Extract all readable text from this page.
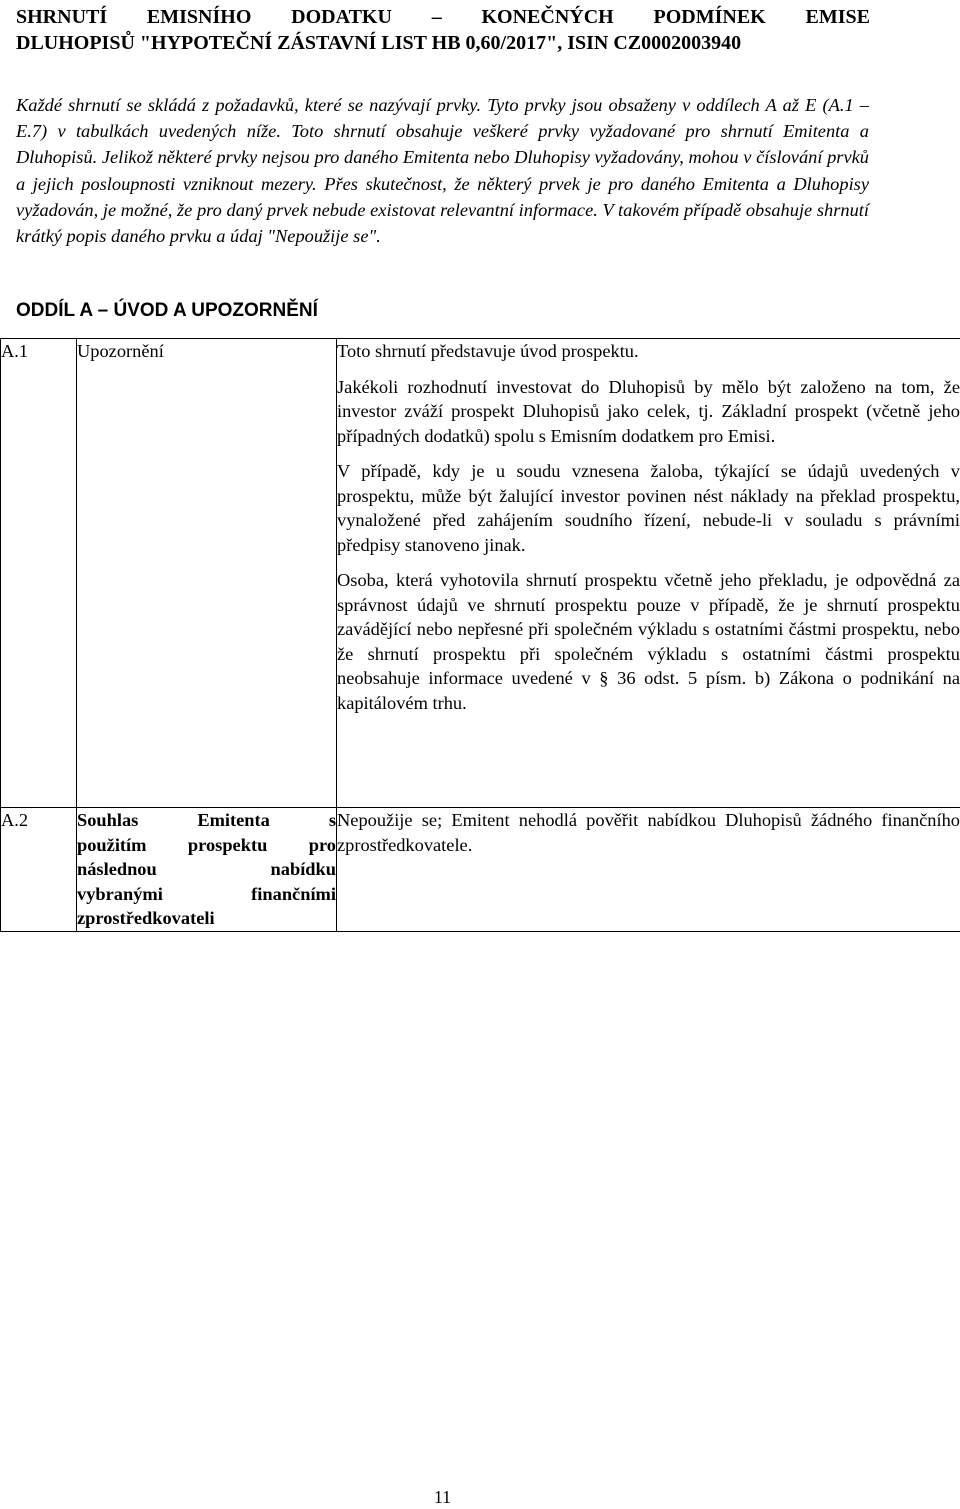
SHRNUTÍ EMISNÍHO DODATKU – KONEČNÝCH PODMÍNEK EMISE
DLUHOPISŮ "HYPOTEČNÍ ZÁSTAVNÍ LIST HB 0,60/2017", ISIN CZ0002003940

Každé shrnutí se skládá z požadavků, které se nazývají prvky. Tyto prvky jsou obsaženy v oddílech A až E (A.1 – E.7) v tabulkách uvedených níže. Toto shrnutí obsahuje veškeré prvky vyžadované pro shrnutí Emitenta a Dluhopisů. Jelikož některé prvky nejsou pro daného Emitenta nebo Dluhopisy vyžadovány, mohou v číslování prvků a jejich posloupnosti vzniknout mezery. Přes skutečnost, že některý prvek je pro daného Emitenta a Dluhopisy vyžadován, je možné, že pro daný prvek nebude existovat relevantní informace. V takovém případě obsahuje shrnutí krátký popis daného prvku a údaj "Nepoužije se".

ODDÍL A – ÚVOD A UPOZORNĚNÍ
A.1	Upozornění	Toto shrnutí představuje úvod prospektu.

Jakékoli rozhodnutí investovat do Dluhopisů by mělo být založeno na tom, že investor zváží prospekt Dluhopisů jako celek, tj. Základní prospekt (včetně jeho případných dodatků) spolu s Emisním dodatkem pro Emisi.

V případě, kdy je u soudu vznesena žaloba, týkající se údajů uvedených v prospektu, může být žalující investor povinen nést náklady na překlad prospektu, vynaložené před zahájením soudního řízení, nebude-li v souladu s právními předpisy stanoveno jinak.

Osoba, která vyhotovila shrnutí prospektu včetně jeho překladu, je odpovědná za správnost údajů ve shrnutí prospektu pouze v případě, že je shrnutí prospektu zavádějící nebo nepřesné při společném výkladu s ostatními částmi prospektu, nebo že shrnutí prospektu při společném výkladu s ostatními částmi prospektu neobsahuje informace uvedené v § 36 odst. 5 písm. b) Zákona o podnikání na kapitálovém trhu.

A.2	Souhlas Emitenta s
použitím prospektu pro
následnou nabídku
vybranými finančními
zprostředkovateli	Nepoužije se; Emitent nehodlá pověřit nabídkou Dluhopisů žádného finančního zprostředkovatele.

11
